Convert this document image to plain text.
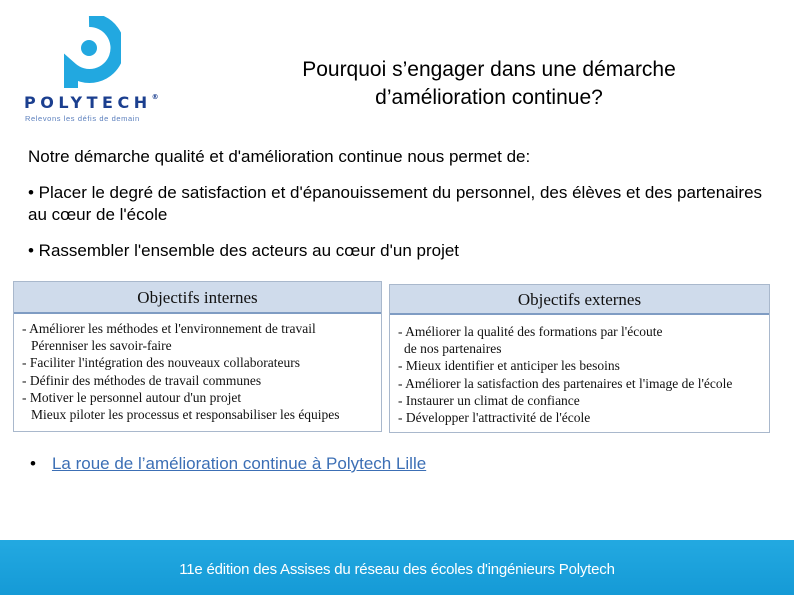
POLYTECH®
Relevons les défis de demain
Pourquoi s’engager dans une démarche
d’amélioration continue?
Notre démarche qualité et d'amélioration continue nous permet de:
• Placer le degré de satisfaction et d'épanouissement du personnel, des élèves et des partenaires au cœur de l'école
• Rassembler l'ensemble des acteurs au cœur d'un projet
Objectifs internes
- Améliorer les méthodes et l'environnement de travail
Pérenniser les savoir-faire
- Faciliter l'intégration des nouveaux collaborateurs
- Définir des méthodes de travail communes
- Motiver le personnel autour d'un projet
Mieux piloter les processus et responsabiliser les équipes
Objectifs externes
- Améliorer la qualité des formations par l'écoute
de nos partenaires
- Mieux identifier et anticiper les besoins
- Améliorer la satisfaction des partenaires et l'image de l'école
- Instaurer un climat de confiance
- Développer l'attractivité de l'école
• La roue de l’amélioration continue à Polytech Lille
11e édition des Assises du réseau des écoles d'ingénieurs Polytech
